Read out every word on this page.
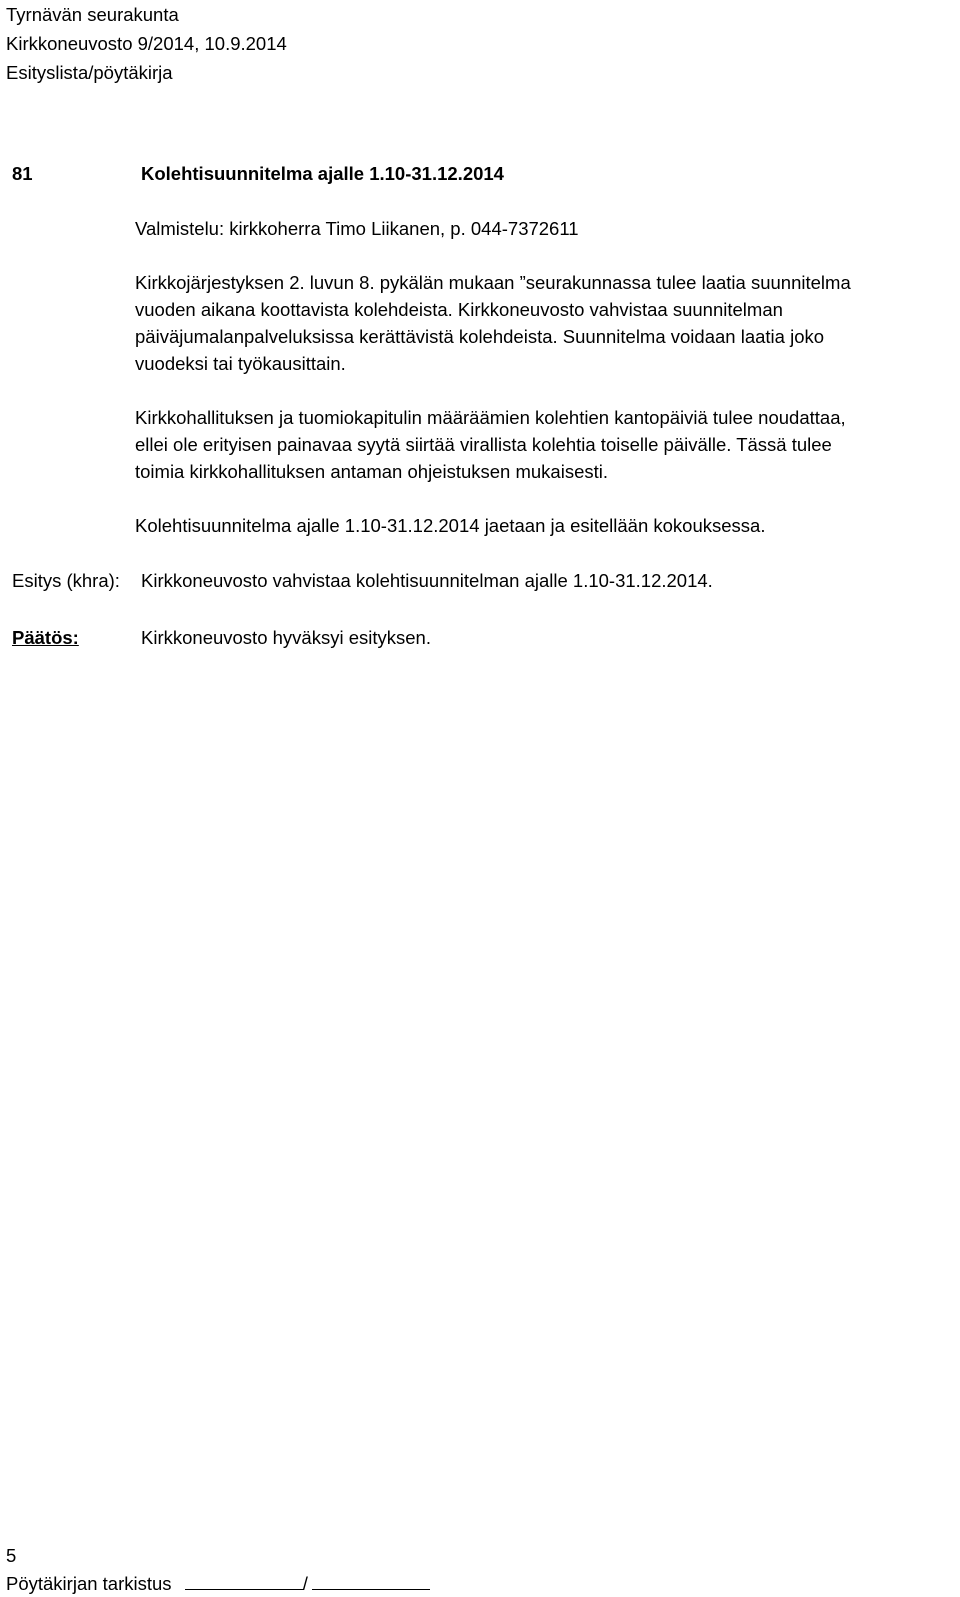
Tyrnävän seurakunta
Kirkkoneuvosto 9/2014, 10.9.2014
Esityslista/pöytäkirja
81	Kolehtisuunnitelma ajalle 1.10-31.12.2014
Valmistelu: kirkkoherra Timo Liikanen, p. 044-7372611
Kirkkojärjestyksen 2. luvun 8. pykälän mukaan ”seurakunnassa tulee laatia suunnitelma
vuoden aikana koottavista kolehdeista. Kirkkoneuvosto vahvistaa suunnitelman
päiväjumalanpalveluksissa kerättävistä kolehdeista. Suunnitelma voidaan laatia joko
vuodeksi tai työkausittain.
Kirkkohallituksen ja tuomiokapitulin määräämien kolehtien kantopäiviä tulee noudattaa,
ellei ole erityisen painavaa syytä siirtää virallista kolehtia toiselle päivälle. Tässä tulee
toimia kirkkohallituksen antaman ohjeistuksen mukaisesti.
Kolehtisuunnitelma ajalle 1.10-31.12.2014 jaetaan ja esitellään kokouksessa.
Esitys (khra): Kirkkoneuvosto vahvistaa kolehtisuunnitelman ajalle 1.10-31.12.2014.
Päätös:	Kirkkoneuvosto hyväksyi esityksen.
5
Pöytäkirjan tarkistus	/
